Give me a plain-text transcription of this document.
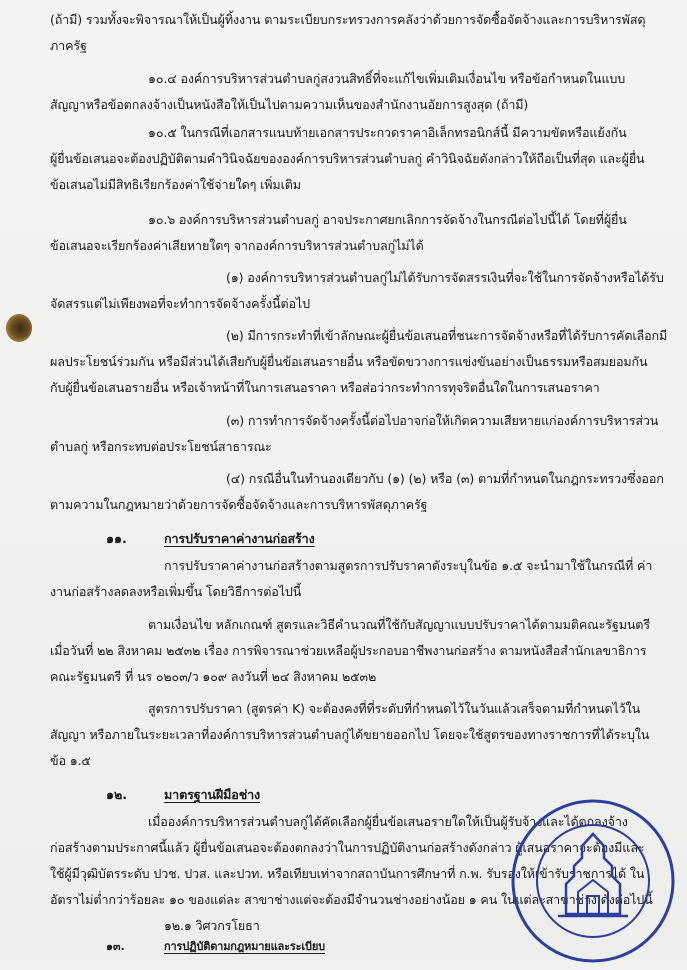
(ถ้ามี) รวมทั้งจะพิจารณาให้เป็นผู้ทิ้งงาน ตามระเบียบกระทรวงการคลังว่าด้วยการจัดซื้อจัดจ้างและการบริหารพัสดุ
ภาครัฐ
๑๐.๔ องค์การบริหารส่วนตำบลกู่สงวนสิทธิ์ที่จะแก้ไขเพิ่มเติมเงื่อนไข หรือข้อกำหนดในแบบ
สัญญาหรือข้อตกลงจ้างเป็นหนังสือให้เป็นไปตามความเห็นของสำนักงานอัยการสูงสุด (ถ้ามี)
๑๐.๕ ในกรณีที่เอกสารแนบท้ายเอกสารประกวดราคาอิเล็กทรอนิกส์นี้ มีความขัดหรือแย้งกัน
ผู้ยื่นข้อเสนอจะต้องปฏิบัติตามคำวินิจฉัยขององค์การบริหารส่วนตำบลกู่ คำวินิจฉัยดังกล่าวให้ถือเป็นที่สุด และผู้ยื่น
ข้อเสนอไม่มีสิทธิเรียกร้องค่าใช้จ่ายใดๆ เพิ่มเติม
๑๐.๖ องค์การบริหารส่วนตำบลกู่ อาจประกาศยกเลิกการจัดจ้างในกรณีต่อไปนี้ได้ โดยที่ผู้ยื่น
ข้อเสนอจะเรียกร้องค่าเสียหายใดๆ จากองค์การบริหารส่วนตำบลกู่ไม่ได้
(๑) องค์การบริหารส่วนตำบลกู่ไม่ได้รับการจัดสรรเงินที่จะใช้ในการจัดจ้างหรือได้รับ
จัดสรรแต่ไม่เพียงพอที่จะทำการจัดจ้างครั้งนี้ต่อไป
(๒) มีการกระทำที่เข้าลักษณะผู้ยื่นข้อเสนอที่ชนะการจัดจ้างหรือที่ได้รับการคัดเลือกมี
ผลประโยชน์ร่วมกัน หรือมีส่วนได้เสียกับผู้ยื่นข้อเสนอรายอื่น หรือขัดขวางการแข่งขันอย่างเป็นธรรมหรือสมยอมกัน
กับผู้ยื่นข้อเสนอรายอื่น หรือเจ้าหน้าที่ในการเสนอราคา หรือส่อว่ากระทำการทุจริตอื่นใดในการเสนอราคา
(๓) การทำการจัดจ้างครั้งนี้ต่อไปอาจก่อให้เกิดความเสียหายแก่องค์การบริหารส่วน
ตำบลกู่ หรือกระทบต่อประโยชน์สาธารณะ
(๔) กรณีอื่นในทำนองเดียวกับ (๑) (๒) หรือ (๓) ตามที่กำหนดในกฎกระทรวงซึ่งออก
ตามความในกฎหมายว่าด้วยการจัดซื้อจัดจ้างและการบริหารพัสดุภาครัฐ
๑๑.	การปรับราคาค่างานก่อสร้าง
การปรับราคาค่างานก่อสร้างตามสูตรการปรับราคาดังระบุในข้อ ๑.๕ จะนำมาใช้ในกรณีที่ ค่า
งานก่อสร้างลดลงหรือเพิ่มขึ้น โดยวิธีการต่อไปนี้
ตามเงื่อนไข หลักเกณฑ์ สูตรและวิธีคำนวณที่ใช้กับสัญญาแบบปรับราคาได้ตามมติคณะรัฐมนตรี
เมื่อวันที่ ๒๒ สิงหาคม ๒๕๓๒ เรื่อง การพิจารณาช่วยเหลือผู้ประกอบอาชีพงานก่อสร้าง ตามหนังสือสำนักเลขาธิการ
คณะรัฐมนตรี ที่ นร ๐๒๐๓/ว ๑๐๙ ลงวันที่ ๒๔ สิงหาคม ๒๕๓๒
สูตรการปรับราคา (สูตรค่า K) จะต้องคงที่ที่ระดับที่กำหนดไว้ในวันแล้วเสร็จตามที่กำหนดไว้ใน
สัญญา หรือภายในระยะเวลาที่องค์การบริหารส่วนตำบลกู่ได้ขยายออกไป โดยจะใช้สูตรของทางราชการที่ได้ระบุใน
ข้อ ๑.๕
๑๒.	มาตรฐานฝีมือช่าง
เมื่อองค์การบริหารส่วนตำบลกู่ได้คัดเลือกผู้ยื่นข้อเสนอรายใดให้เป็นผู้รับจ้างและได้ตกลงจ้าง
ก่อสร้างตามประกาศนี้แล้ว ผู้ยื่นข้อเสนอจะต้องตกลงว่าในการปฏิบัติงานก่อสร้างดังกล่าว ผู้เสนอราคาจะต้องมีและ
ใช้ผู้มีวุฒิบัตรระดับ ปวช. ปวส. และปวท. หรือเทียบเท่าจากสถาบันการศึกษาที่ ก.พ. รับรองให้เข้ารับราชการได้ ใน
อัตราไม่ต่ำกว่าร้อยละ ๑๐ ของแต่ละ สาขาช่างแต่จะต้องมีจำนวนช่างอย่างน้อย ๑ คน ในแต่ละสาขาช่าง ดังต่อไปนี้
๑๒.๑ วิศวกรโยธา
๑๓.	การปฏิบัติตามกฎหมายและระเบียบ
